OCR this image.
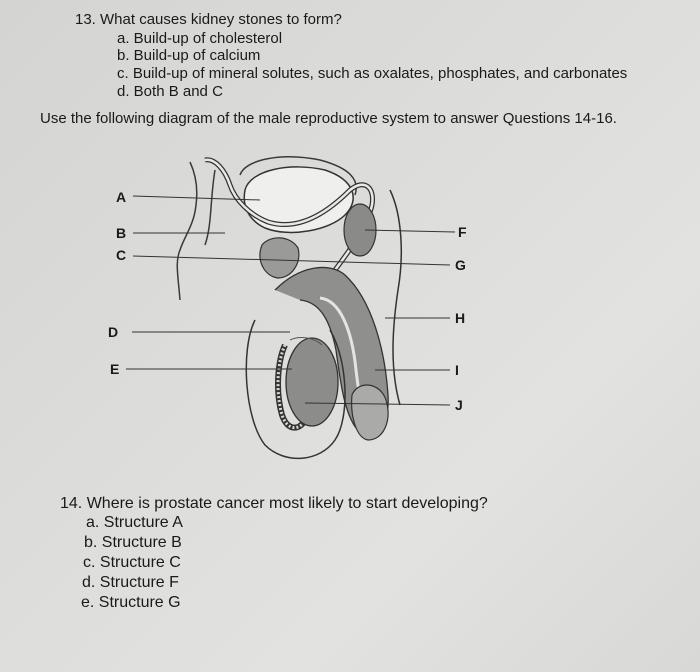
13. What causes kidney stones to form?
a. Build-up of cholesterol
b. Build-up of calcium
c. Build-up of mineral solutes, such as oxalates, phosphates, and carbonates
d. Both B and C
Use the following diagram of the male reproductive system to answer Questions 14-16.
A
B
C
D
E
F
G
H
I
J
14. Where is prostate cancer most likely to start developing?
a. Structure A
b. Structure B
c. Structure C
d. Structure F
e. Structure G
